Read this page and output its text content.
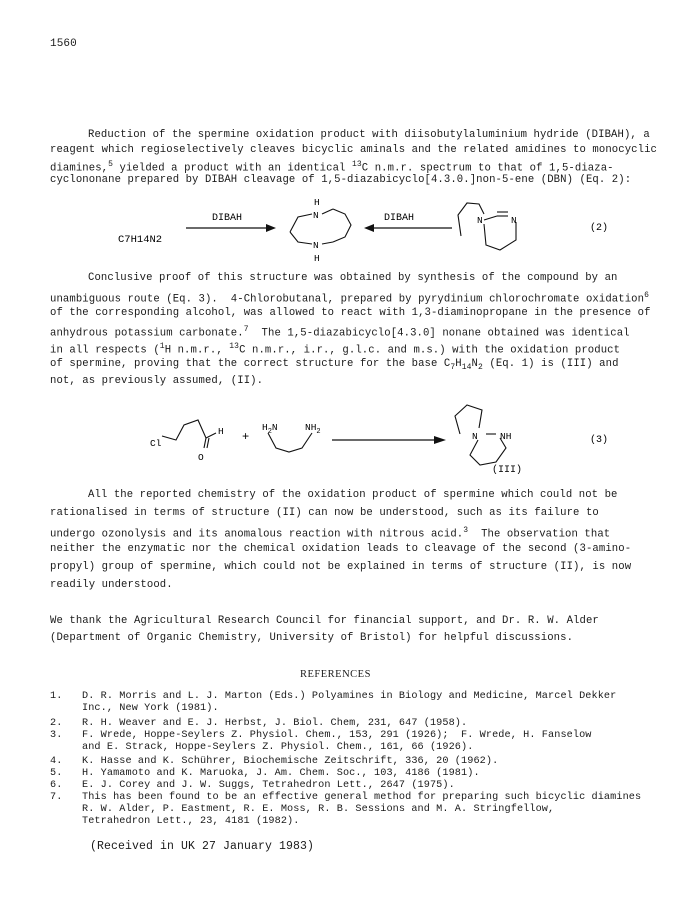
1560
Reduction of the spermine oxidation product with diisobutylaluminium hydride (DIBAH), a
reagent which regioselectively cleaves bicyclic aminals and the related amidines to monocyclic
diamines,$^5$ yielded a product with an identical $^{13}$C n.m.r. spectrum to that of 1,5-diaza-
cyclononane prepared by DIBAH cleavage of 1,5-diazabicyclo[4.3.0.]non-5-ene (DBN) (Eq. 2):
C7H14N2
DIBAH
H
N
N
H
DIBAH	N	N
(2)
Conclusive proof of this structure was obtained by synthesis of the compound by an
unambiguous route (Eq. 3).  4-Chlorobutanal, prepared by pyrydinium chlorochromate oxidation$^6$
of the corresponding alcohol, was allowed to react with 1,3-diaminopropane in the presence of
anhydrous potassium carbonate.$^7$ The 1,5-diazabicyclo[4.3.0] nonane obtained was identical
in all respects ($^1$H n.m.r., $^{13}$C n.m.r., i.r., g.l.c. and m.s.) with the oxidation product
of spermine, proving that the correct structure for the base $C_7H_{14}N_2$ (Eq. 1) is (III) and
not, as previously assumed, (II).
Cl
O
H +
$H_2N$	$NH_2$	N NH
(III)
(3)
All the reported chemistry of the oxidation product of spermine which could not be
rationalised in terms of structure (II) can now be understood, such as its failure to
undergo ozonolysis and its anomalous reaction with nitrous acid.$^3$ The observation that
neither the enzymatic nor the chemical oxidation leads to cleavage of the second (3-amino-
propyl) group of spermine, which could not be explained in terms of structure (II), is now
readily understood.
We thank the Agricultural Research Council for financial support, and Dr. R. W. Alder
(Department of Organic Chemistry, University of Bristol) for helpful discussions.
REFERENCES
1.	D. R. Morris and L. J. Marton (Eds.) Polyamines in Biology and Medicine, Marcel Dekker
Inc., New York (1981).
2.	R. H. Weaver and E. J. Herbst, J. Biol. Chem, 231, 647 (1958).
3.	F. Wrede, Hoppe-Seylers Z. Physiol. Chem., 153, 291 (1926);  F. Wrede, H. Fanselow
and E. Strack, Hoppe-Seylers Z. Physiol. Chem., 161, 66 (1926).
4.	K. Hasse and K. Schührer, Biochemische Zeitschrift, 336, 20 (1962).
5.	H. Yamamoto and K. Maruoka, J. Am. Chem. Soc., 103, 4186 (1981).
6.	E. J. Corey and J. W. Suggs, Tetrahedron Lett., 2647 (1975).
7.	This has been found to be an effective general method for preparing such bicyclic diamines
R. W. Alder, P. Eastment, R. E. Moss, R. B. Sessions and M. A. Stringfellow,
Tetrahedron Lett., 23, 4181 (1982).
(Received in UK 27 January 1983)
